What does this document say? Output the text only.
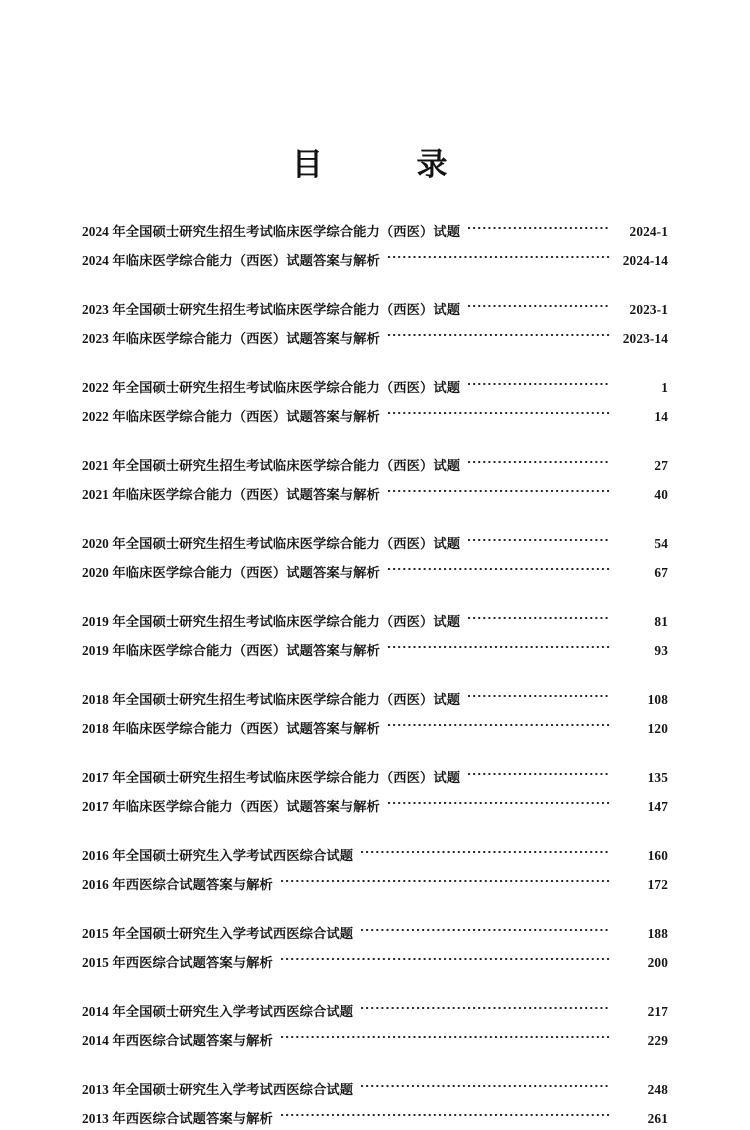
目　　录
2024 年全国硕士研究生招生考试临床医学综合能力（西医）试题	2024-1
2024 年临床医学综合能力（西医）试题答案与解析	2024-14
2023 年全国硕士研究生招生考试临床医学综合能力（西医）试题	2023-1
2023 年临床医学综合能力（西医）试题答案与解析	2023-14
2022 年全国硕士研究生招生考试临床医学综合能力（西医）试题	1
2022 年临床医学综合能力（西医）试题答案与解析	14
2021 年全国硕士研究生招生考试临床医学综合能力（西医）试题	27
2021 年临床医学综合能力（西医）试题答案与解析	40
2020 年全国硕士研究生招生考试临床医学综合能力（西医）试题	54
2020 年临床医学综合能力（西医）试题答案与解析	67
2019 年全国硕士研究生招生考试临床医学综合能力（西医）试题	81
2019 年临床医学综合能力（西医）试题答案与解析	93
2018 年全国硕士研究生招生考试临床医学综合能力（西医）试题	108
2018 年临床医学综合能力（西医）试题答案与解析	120
2017 年全国硕士研究生招生考试临床医学综合能力（西医）试题	135
2017 年临床医学综合能力（西医）试题答案与解析	147
2016 年全国硕士研究生入学考试西医综合试题	160
2016 年西医综合试题答案与解析	172
2015 年全国硕士研究生入学考试西医综合试题	188
2015 年西医综合试题答案与解析	200
2014 年全国硕士研究生入学考试西医综合试题	217
2014 年西医综合试题答案与解析	229
2013 年全国硕士研究生入学考试西医综合试题	248
2013 年西医综合试题答案与解析	261
